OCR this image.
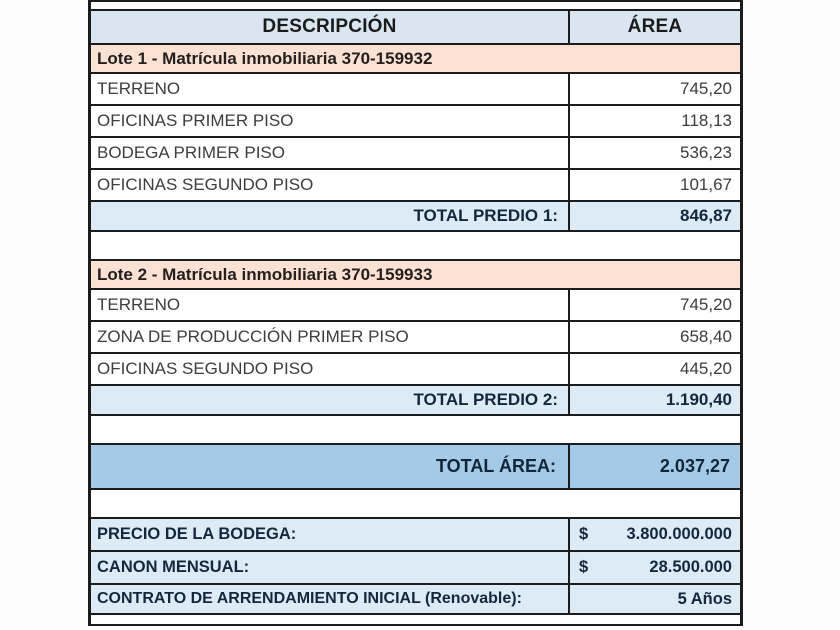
DESCRIPCIÓN	ÁREA
Lote 1 - Matrícula inmobiliaria 370-159932
TERRENO	745,20
OFICINAS PRIMER PISO	118,13
BODEGA PRIMER PISO	536,23
OFICINAS SEGUNDO PISO	101,67
TOTAL PREDIO 1:	846,87
Lote 2 - Matrícula inmobiliaria 370-159933
TERRENO	745,20
ZONA DE PRODUCCIÓN PRIMER PISO	658,40
OFICINAS SEGUNDO PISO	445,20
TOTAL PREDIO 2:	1.190,40
TOTAL ÁREA:	2.037,27
PRECIO DE LA BODEGA:	$ 3.800.000.000
CANON MENSUAL:	$	28.500.000
CONTRATO DE ARRENDAMIENTO INICIAL (Renovable):	5 Años
